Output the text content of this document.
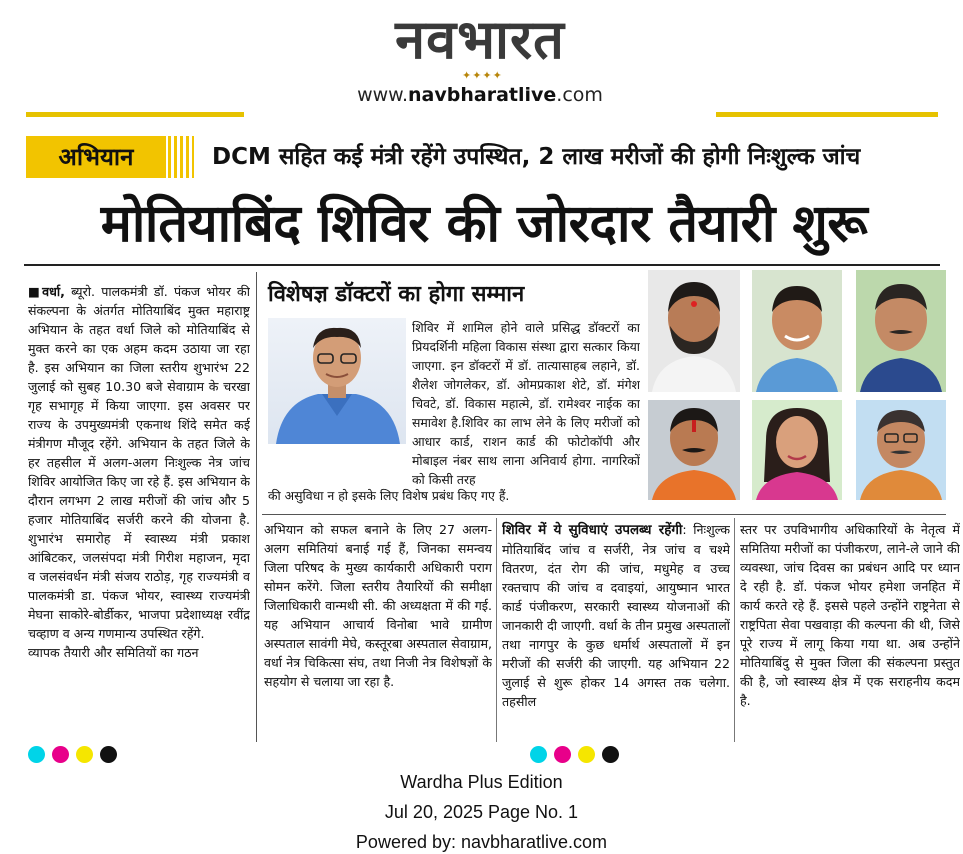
नवभारत
✦✦✦✦
www.navbharatlive.com
अभियान	DCM सहित कई मंत्री रहेंगे उपस्थित, 2 लाख मरीजों की होगी निःशुल्क जांच
मोतियाबिंद शिविर की जोरदार तैयारी शुरू
■वर्धा, ब्यूरो. पालकमंत्री डॉ. पंकज भोयर की संकल्पना के अंतर्गत मोतियाबिंद मुक्त महाराष्ट्र अभियान के तहत वर्धा जिले को मोतियाबिंद से मुक्त करने का एक अहम कदम उठाया जा रहा है. इस अभियान का जिला स्तरीय शुभारंभ 22 जुलाई को सुबह 10.30 बजे सेवाग्राम के चरखा गृह सभागृह में किया जाएगा. इस अवसर पर राज्य के उपमुख्यमंत्री एकनाथ शिंदे समेत कई मंत्रीगण मौजूद रहेंगे. अभियान के तहत जिले के हर तहसील में अलग-अलग निःशुल्क नेत्र जांच शिविर आयोजित किए जा रहे हैं. इस अभियान के दौरान लगभग 2 लाख मरीजों की जांच और 5 हजार मोतियाबिंद सर्जरी करने की योजना है. शुभारंभ समारोह में स्वास्थ्य मंत्री प्रकाश आंबिटकर, जलसंपदा मंत्री गिरीश महाजन, मृदा व जलसंवर्धन मंत्री संजय राठोड़, गृह राज्यमंत्री व पालकमंत्री डा. पंकज भोयर, स्वास्थ्य राज्यमंत्री मेघना साकोरे-बोर्डीकर, भाजपा प्रदेशाध्यक्ष रवींद्र चव्हाण व अन्य गणमान्य उपस्थित रहेंगे.
व्यापक तैयारी और समितियों का गठन
विशेषज्ञ डॉक्टरों का होगा सम्मान
शिविर में शामिल होने वाले प्रसिद्ध डॉक्टरों का प्रियदर्शिनी महिला विकास संस्था द्वारा सत्कार किया जाएगा. इन डॉक्टरों में डॉ. तात्यासाहब लहाने, डॉ. शैलेश जोगलेकर, डॉ. ओमप्रकाश शेटे, डॉ. मंगेश चिवटे, डॉ. विकास महात्मे, डॉ. रामेश्वर नाईक का समावेश है.शिविर का लाभ लेने के लिए मरीजों को आधार कार्ड, राशन कार्ड की फोटोकॉपी और मोबाइल नंबर साथ लाना अनिवार्य होगा. नागरिकों को किसी तरह
की असुविधा न हो इसके लिए विशेष प्रबंध किए गए हैं.
अभियान को सफल बनाने के लिए 27 अलग-अलग समितियां बनाई गई हैं, जिनका समन्वय जिला परिषद के मुख्य कार्यकारी अधिकारी पराग सोमन करेंगे. जिला स्तरीय तैयारियों की समीक्षा जिलाधिकारी वान्मथी सी. की अध्यक्षता में की गई. यह अभियान आचार्य विनोबा भावे ग्रामीण अस्पताल सावंगी मेघे, कस्तूरबा अस्पताल सेवाग्राम, वर्धा नेत्र चिकित्सा संघ, तथा निजी नेत्र विशेषज्ञों के सहयोग से चलाया जा रहा है.
शिविर में ये सुविधाएं उपलब्ध रहेंगी: निःशुल्क मोतियाबिंद जांच व सर्जरी, नेत्र जांच व चश्मे वितरण, दंत रोग की जांच, मधुमेह व उच्च रक्तचाप की जांच व दवाइयां, आयुष्मान भारत कार्ड पंजीकरण, सरकारी स्वास्थ्य योजनाओं की जानकारी दी जाएगी. वर्धा के तीन प्रमुख अस्पतालों तथा नागपुर के कुछ धर्मार्थ अस्पतालों में इन मरीजों की सर्जरी की जाएगी. यह अभियान 22 जुलाई से शुरू होकर 14 अगस्त तक चलेगा. तहसील
स्तर पर उपविभागीय अधिकारियों के नेतृत्व में समितिया मरीजों का पंजीकरण, लाने-ले जाने की व्यवस्था, जांच दिवस का प्रबंधन आदि पर ध्यान दे रही है. डॉ. पंकज भोयर हमेशा जनहित में कार्य करते रहे हैं. इससे पहले उन्होंने राष्ट्रनेता से राष्ट्रपिता सेवा पखवाड़ा की कल्पना की थी, जिसे पूरे राज्य में लागू किया गया था. अब उन्होंने मोतियाबिंदु से मुक्त जिला की संकल्पना प्रस्तुत की है, जो स्वास्थ्य क्षेत्र में एक सराहनीय कदम है.
Wardha Plus Edition
Jul 20, 2025 Page No. 1
Powered by: navbharatlive.com
